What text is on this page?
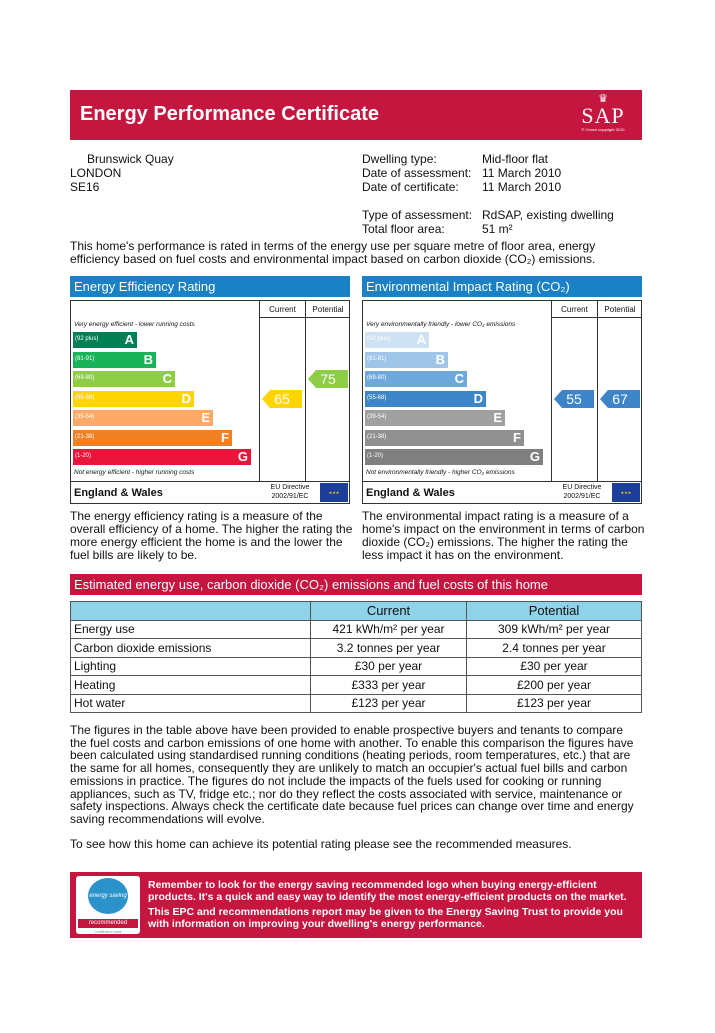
Energy Performance Certificate
♛
SAP
© Crown copyright 2010
Brunswick Quay
LONDON
SE16
Dwelling type:	Mid-floor flat
Date of assessment: 11 March 2010
Date of certificate:	11 March 2010
Type of assessment: RdSAP, existing dwelling
Total floor area:	51 m²
This home's performance is rated in terms of the energy use per square metre of floor area, energy efficiency based on fuel costs and environmental impact based on carbon dioxide (CO₂) emissions.
Energy Efficiency Rating
Current	Potential
Very energy efficient - lower running costs
Not energy efficient - higher running costs
England & Wales	EU Directive 2002/91/EC
★★★
(92 plus) A
(81-91)	B
(69-80)	C
(55-68)	D
(39-54)	E
(21-38)	F
(1-20)	G
65
75
Environmental Impact Rating (CO₂)
Current	Potential
Very environmentally friendly - lower CO₂ emissions
Not environmentally friendly - higher CO₂ emissions
England & Wales	EU Directive 2002/91/EC
★★★
(92 plus) A
(81-91)	B
(69-80)	C
(55-68)	D
(39-54)	E
(21-38)	F
(1-20)	G
55	67
The energy efficiency rating is a measure of the overall efficiency of a home. The higher the rating the more energy efficient the home is and the lower the fuel bills are likely to be.
The environmental impact rating is a measure of a home's impact on the environment in terms of carbon dioxide (CO₂) emissions. The higher the rating the less impact it has on the environment.
Estimated energy use, carbon dioxide (CO₂) emissions and fuel costs of this home
	Current	Potential
Energy use	421 kWh/m² per year	309 kWh/m² per year
Carbon dioxide emissions	3.2 tonnes per year	2.4 tonnes per year
Lighting	£30 per year	£30 per year
Heating	£333 per year	£200 per year
Hot water	£123 per year	£123 per year
The figures in the table above have been provided to enable prospective buyers and tenants to compare the fuel costs and carbon emissions of one home with another. To enable this comparison the figures have been calculated using standardised running conditions (heating periods, room temperatures, etc.) that are the same for all homes, consequently they are unlikely to match an occupier's actual fuel bills and carbon emissions in practice. The figures do not include the impacts of the fuels used for cooking or running appliances, such as TV, fridge etc.; nor do they reflect the costs associated with service, maintenance or safety inspections. Always check the certificate date because fuel prices can change over time and energy saving recommendations will evolve.
To see how this home can achieve its potential rating please see the recommended measures.
energy saving
recommended
Certification mark

Remember to look for the energy saving recommended logo when buying energy-efficient products. It's a quick and easy way to identify the most energy-efficient products on the market.

This EPC and recommendations report may be given to the Energy Saving Trust to provide you with information on improving your dwelling's energy performance.
